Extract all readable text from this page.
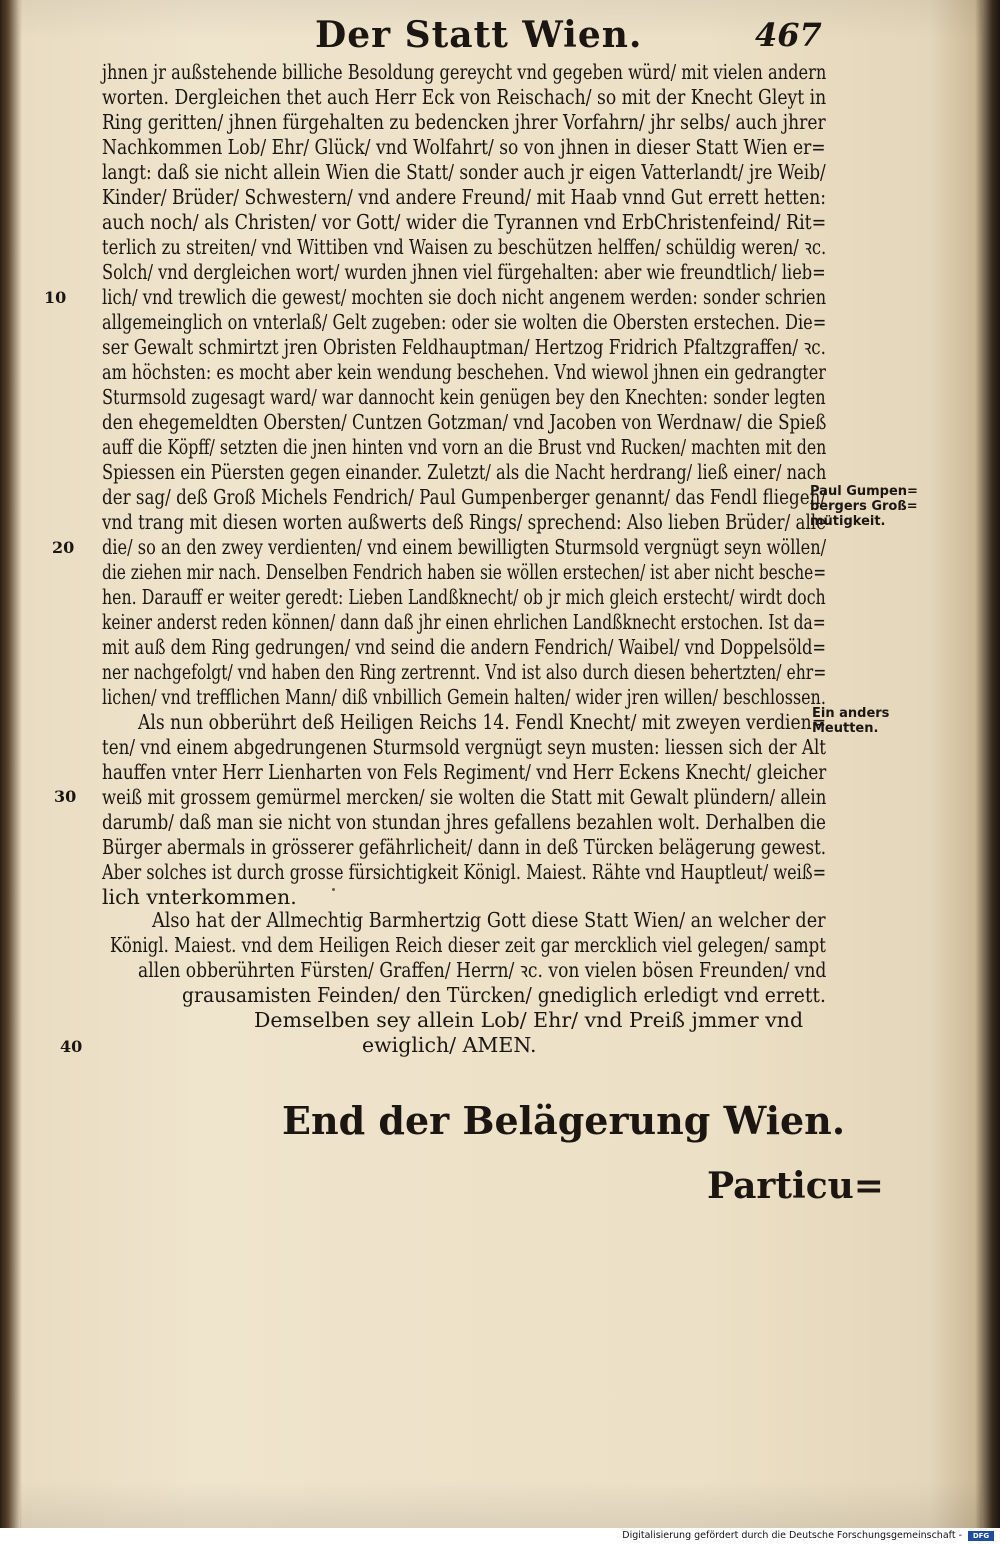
Der Statt Wien.	467
jhnen jr außstehende billiche Besoldung gereycht vnd gegeben würd/ mit vielen andern
worten. Dergleichen thet auch Herr Eck von Reischach/ so mit der Knecht Gleyt in
Ring geritten/ jhnen fürgehalten zu bedencken jhrer Vorfahrn/ jhr selbs/ auch jhrer
Nachkommen Lob/ Ehr/ Glück/ vnd Wolfahrt/ so von jhnen in dieser Statt Wien er=
langt: daß sie nicht allein Wien die Statt/ sonder auch jr eigen Vatterlandt/ jre Weib/
Kinder/ Brüder/ Schwestern/ vnd andere Freund/ mit Haab vnnd Gut errett hetten:
auch noch/ als Christen/ vor Gott/ wider die Tyrannen vnd ErbChristenfeind/ Rit=
terlich zu streiten/ vnd Wittiben vnd Waisen zu beschützen helffen/ schüldig weren/ ꝛc.
Solch/ vnd dergleichen wort/ wurden jhnen viel fürgehalten: aber wie freundtlich/ lieb=
lich/ vnd trewlich die gewest/ mochten sie doch nicht angenem werden: sonder schrien
allgemeinglich on vnterlaß/ Gelt zugeben: oder sie wolten die Obersten erstechen. Die=
ser Gewalt schmirtzt jren Obristen Feldhauptman/ Hertzog Fridrich Pfaltzgraffen/ ꝛc.
am höchsten: es mocht aber kein wendung beschehen. Vnd wiewol jhnen ein gedrangter
Sturmsold zugesagt ward/ war dannocht kein genügen bey den Knechten: sonder legten
den ehegemeldten Obersten/ Cuntzen Gotzman/ vnd Jacoben von Werdnaw/ die Spieß
auff die Köpff/ setzten die jnen hinten vnd vorn an die Brust vnd Rucken/ machten mit den
Spiessen ein Püersten gegen einander. Zuletzt/ als die Nacht herdrang/ ließ einer/ nach
der sag/ deß Groß Michels Fendrich/ Paul Gumpenberger genannt/ das Fendl fliegen/
vnd trang mit diesen worten außwerts deß Rings/ sprechend: Also lieben Brüder/ alle
die/ so an den zwey verdienten/ vnd einem bewilligten Sturmsold vergnügt seyn wöllen/
die ziehen mir nach. Denselben Fendrich haben sie wöllen erstechen/ ist aber nicht besche=
hen. Darauff er weiter geredt: Lieben Landßknecht/ ob jr mich gleich erstecht/ wirdt doch
keiner anderst reden können/ dann daß jhr einen ehrlichen Landßknecht erstochen. Ist da=
mit auß dem Ring gedrungen/ vnd seind die andern Fendrich/ Waibel/ vnd Doppelsöld=
ner nachgefolgt/ vnd haben den Ring zertrennt. Vnd ist also durch diesen behertzten/ ehr=
lichen/ vnd trefflichen Mann/ diß vnbillich Gemein halten/ wider jren willen/ beschlossen.
Als nun obberührt deß Heiligen Reichs 14. Fendl Knecht/ mit zweyen verdien=
ten/ vnd einem abgedrungenen Sturmsold vergnügt seyn musten: liessen sich der Alt
hauffen vnter Herr Lienharten von Fels Regiment/ vnd Herr Eckens Knecht/ gleicher
weiß mit grossem gemürmel mercken/ sie wolten die Statt mit Gewalt plündern/ allein
darumb/ daß man sie nicht von stundan jhres gefallens bezahlen wolt. Derhalben die
Bürger abermals in grösserer gefährlicheit/ dann in deß Türcken belägerung gewest.
Aber solches ist durch grosse fürsichtigkeit Königl. Maiest. Rähte vnd Hauptleut/ weiß=
lich vnterkommen.
Also hat der Allmechtig Barmhertzig Gott diese Statt Wien/ an welcher der
Königl. Maiest. vnd dem Heiligen Reich dieser zeit gar mercklich viel gelegen/ sampt
allen obberührten Fürsten/ Graffen/ Herrn/ ꝛc. von vielen bösen Freunden/ vnd
grausamisten Feinden/ den Türcken/ gnediglich erledigt vnd errett.
Demselben sey allein Lob/ Ehr/ vnd Preiß jmmer vnd
ewiglich/ AMEN.
10
20
30
40
Paul Gumpen=
bergers Groß=
mütigkeit.
Ein anders
Meutten.
End der Belägerung Wien.
Particu=
Digitalisierung gefördert durch die Deutsche Forschungsgemeinschaft -	DFG
